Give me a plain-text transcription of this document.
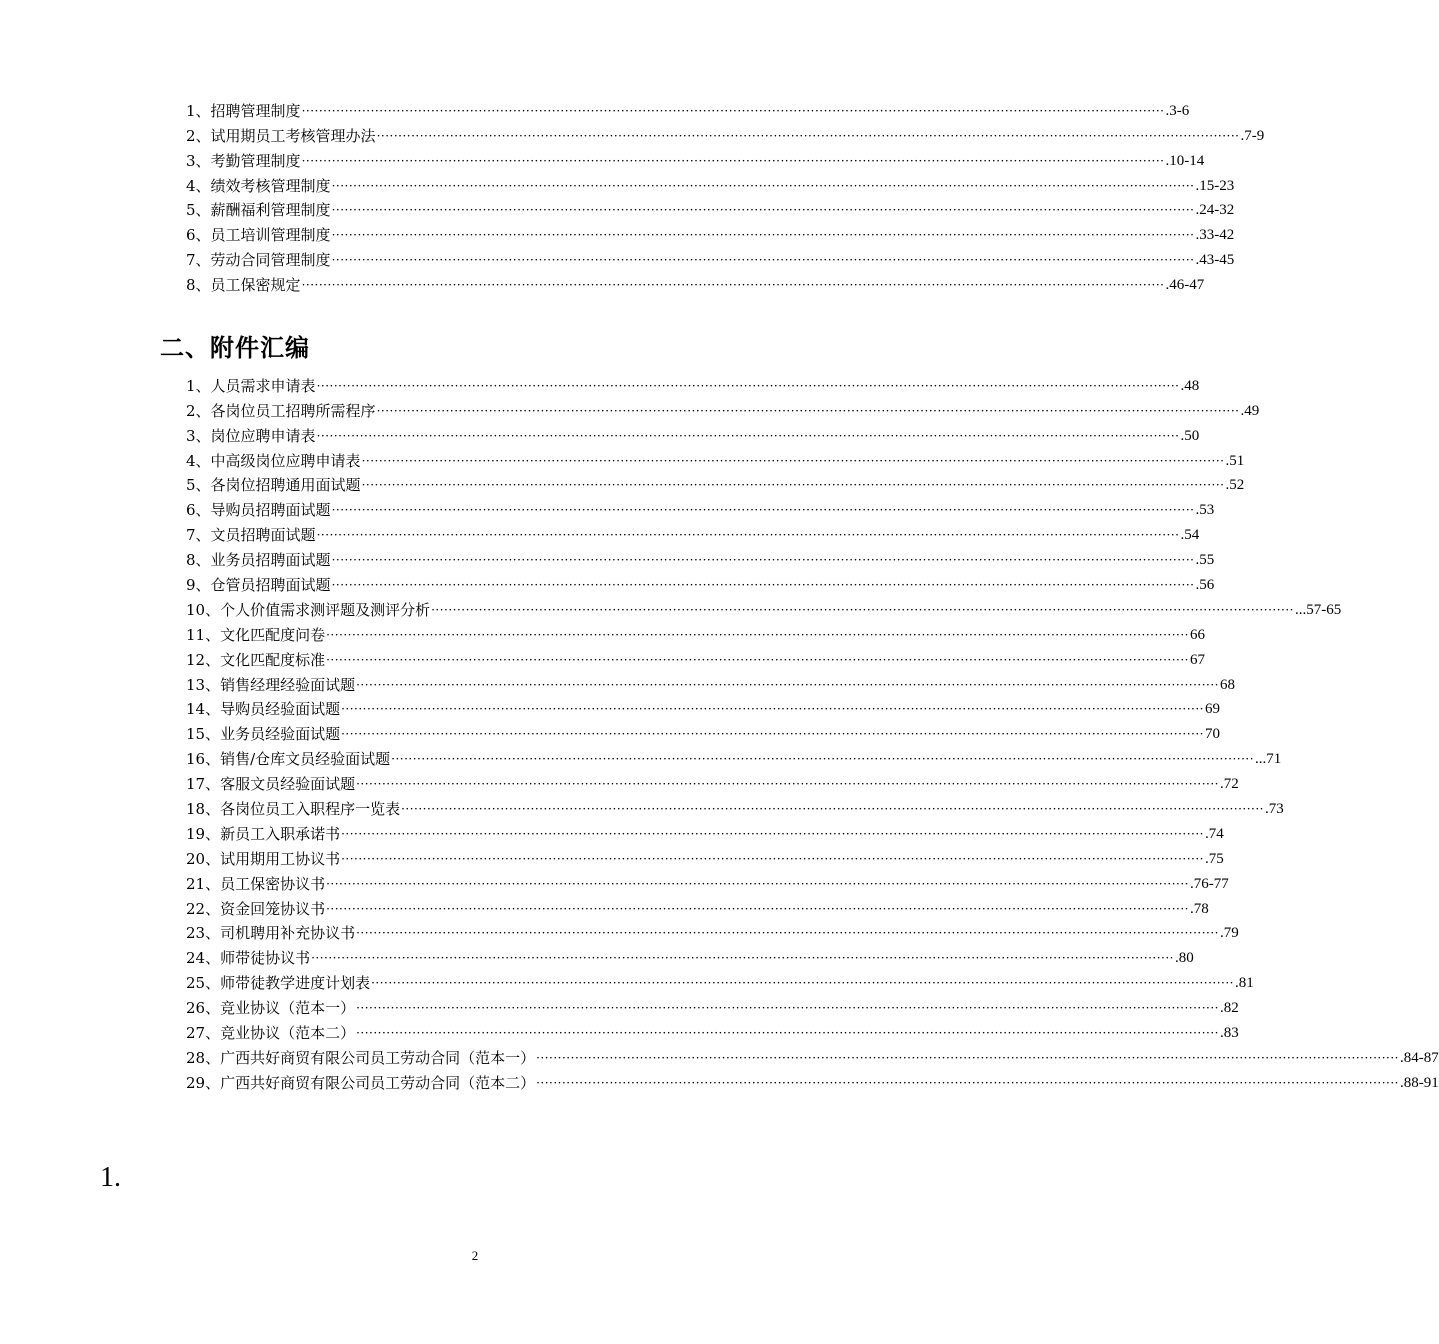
1、 招聘管理制度 ········································································································································································································ .3-6
2、 试用期员工考核管理办法 ········································································································································································································ .7-9
3、 考勤管理制度 ········································································································································································································ .10-14
4、 绩效考核管理制度 ········································································································································································································ .15-23
5、 薪酬福利管理制度 ········································································································································································································ .24-32
6、 员工培训管理制度 ········································································································································································································ .33-42
7、 劳动合同管理制度 ········································································································································································································ .43-45
8、 员工保密规定 ········································································································································································································ .46-47
二、附件汇编
1、 人员需求申请表 ········································································································································································································ .48
2、 各岗位员工招聘所需程序 ········································································································································································································ .49
3、 岗位应聘申请表 ········································································································································································································ .50
4、 中高级岗位应聘申请表 ········································································································································································································ .51
5、 各岗位招聘通用面试题 ········································································································································································································ .52
6、 导购员招聘面试题 ········································································································································································································ .53
7、 文员招聘面试题 ········································································································································································································ .54
8、 业务员招聘面试题 ········································································································································································································ .55
9、 仓管员招聘面试题 ········································································································································································································ .56
10、 个人价值需求测评题及测评分析 ········································································································································································································ ...57-65
11、 文化匹配度问卷 ········································································································································································································ 66
12、 文化匹配度标准 ········································································································································································································ 67
13、 销售经理经验面试题 ········································································································································································································ 68
14、 导购员经验面试题 ········································································································································································································ 69
15、 业务员经验面试题 ········································································································································································································ 70
16、 销售/仓库文员经验面试题 ········································································································································································································ ...71
17、 客服文员经验面试题 ········································································································································································································ .72
18、 各岗位员工入职程序一览表 ········································································································································································································ .73
19、 新员工入职承诺书 ········································································································································································································ .74
20、 试用期用工协议书 ········································································································································································································ .75
21、 员工保密协议书 ········································································································································································································ .76-77
22、 资金回笼协议书 ········································································································································································································ .78
23、 司机聘用补充协议书 ········································································································································································································ .79
24、 师带徒协议书 ········································································································································································································ .80
25、 师带徒教学进度计划表 ········································································································································································································ .81
26、 竞业协议（范本一） ········································································································································································································ .82
27、 竞业协议（范本二） ········································································································································································································ .83
28、 广西共好商贸有限公司员工劳动合同（范本一） ········································································································································································································ .84-87
29、 广西共好商贸有限公司员工劳动合同（范本二） ········································································································································································································ .88-91
1.
2
